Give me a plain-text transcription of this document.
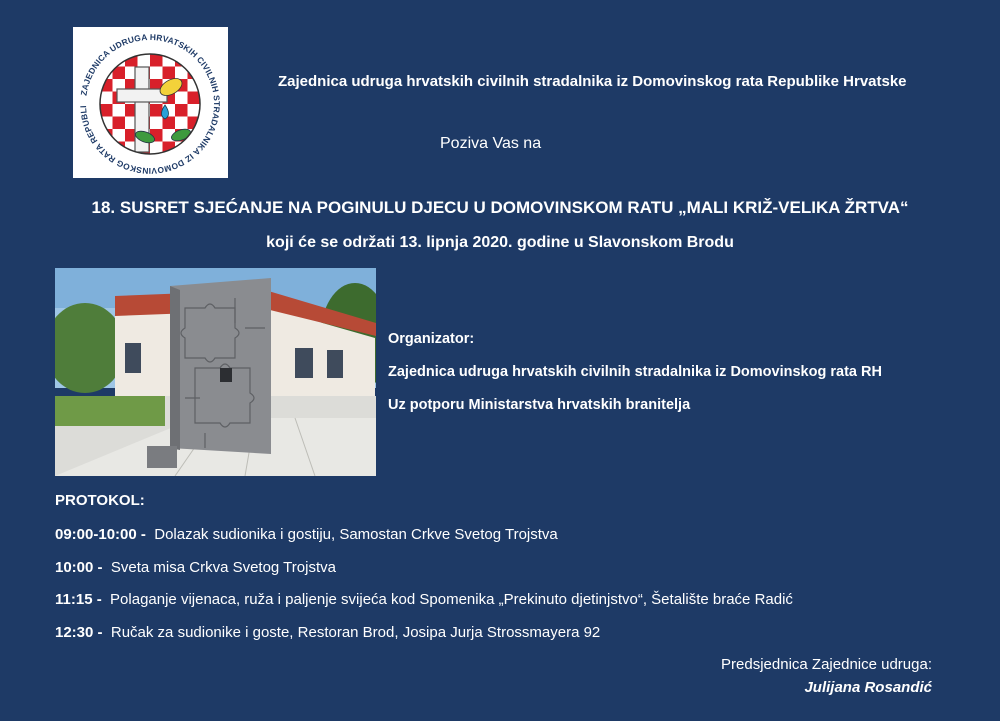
ZAJEDNICA UDRUGA HRVATSKIH CIVILNIH STRADALNIKA IZ DOMOVINSKOG RATA REPUBLI
Zajednica udruga hrvatskih civilnih stradalnika iz Domovinskog rata Republike Hrvatske
Poziva Vas na
18. SUSRET SJEĆANJE NA POGINULU DJECU U DOMOVINSKOM RATU „MALI KRIŽ-VELIKA ŽRTVA“
koji će se održati 13. lipnja 2020. godine u Slavonskom Brodu
Organizator:
Zajednica udruga hrvatskih civilnih stradalnika iz Domovinskog rata RH
Uz potporu Ministarstva hrvatskih branitelja
PROTOKOL:
09:00-10:00 - Dolazak sudionika i gostiju, Samostan Crkve Svetog Trojstva
10:00 - Sveta misa Crkva Svetog Trojstva
11:15 - Polaganje vijenaca, ruža i paljenje svijeća kod Spomenika „Prekinuto djetinjstvo“, Šetalište braće Radić
12:30 - Ručak za sudionike i goste, Restoran Brod, Josipa Jurja Strossmayera 92
Predsjednica Zajednice udruga:
Julijana Rosandić
